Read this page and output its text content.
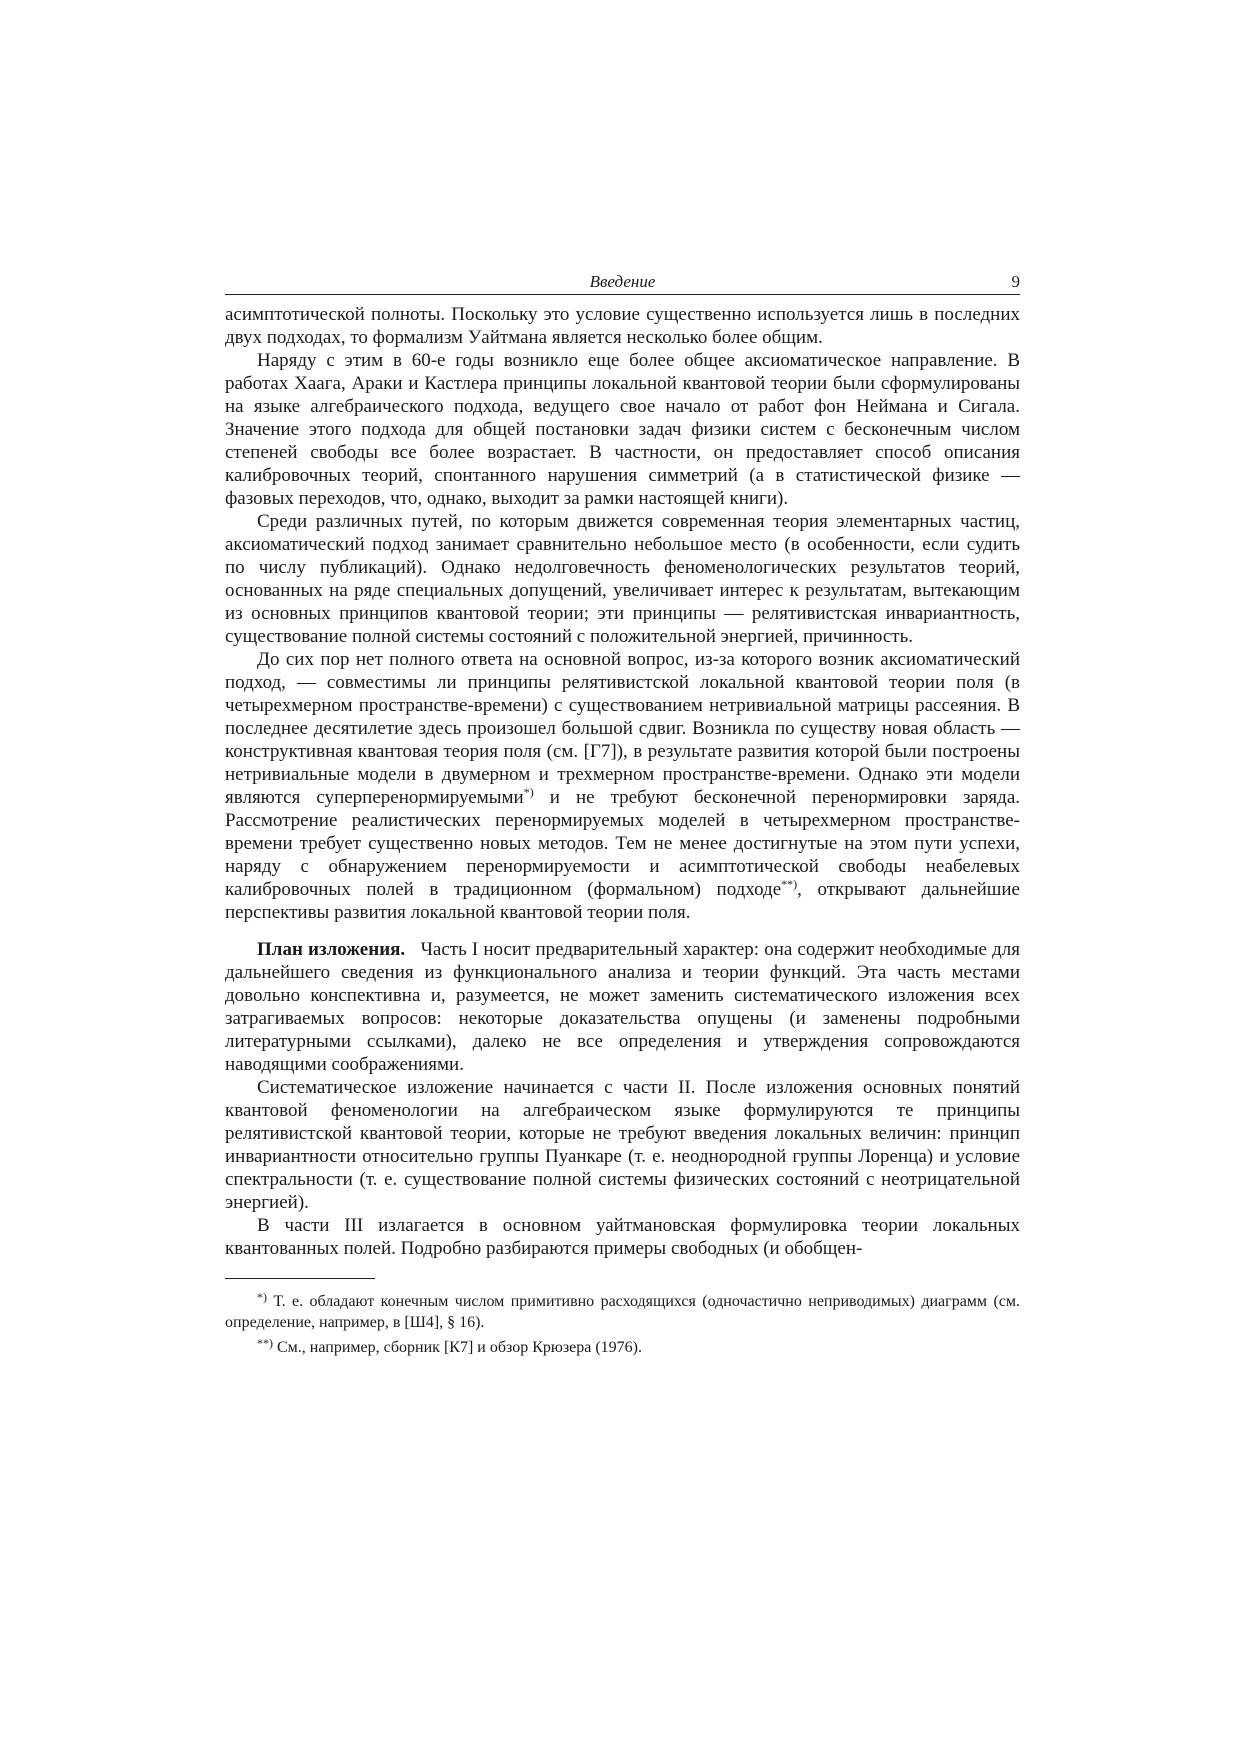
Введение	9

асимптотической полноты. Поскольку это условие существенно используется лишь в последних двух подходах, то формализм Уайтмана является несколько более общим.

Наряду с этим в 60-е годы возникло еще более общее аксиоматическое направление. В работах Хаага, Араки и Кастлера принципы локальной квантовой теории были сформулированы на языке алгебраического подхода, ведущего свое начало от работ фон Неймана и Сигала. Значение этого подхода для общей постановки задач физики систем с бесконечным числом степеней свободы все более возрастает. В частности, он предоставляет способ описания калибровочных теорий, спонтанного нарушения симметрий (а в статистической физике — фазовых переходов, что, однако, выходит за рамки настоящей книги).

Среди различных путей, по которым движется современная теория элементарных частиц, аксиоматический подход занимает сравнительно небольшое место (в особенности, если судить по числу публикаций). Однако недолговечность феноменологических результатов теорий, основанных на ряде специальных допущений, увеличивает интерес к результатам, вытекающим из основных принципов квантовой теории; эти принципы — релятивистская инвариантность, существование полной системы состояний с положительной энергией, причинность.

До сих пор нет полного ответа на основной вопрос, из-за которого возник аксиоматический подход, — совместимы ли принципы релятивистской локальной квантовой теории поля (в четырехмерном пространстве-времени) с существованием нетривиальной матрицы рассеяния. В последнее десятилетие здесь произошел большой сдвиг. Возникла по существу новая область — конструктивная квантовая теория поля (см. [Г7]), в результате развития которой были построены нетривиальные модели в двумерном и трехмерном пространстве-времени. Однако эти модели являются суперперенормируемыми*) и не требуют бесконечной перенормировки заряда. Рассмотрение реалистических перенормируемых моделей в четырехмерном пространстве-времени требует существенно новых методов. Тем не менее достигнутые на этом пути успехи, наряду с обнаружением перенормируемости и асимптотической свободы неабелевых калибровочных полей в традиционном (формальном) подходе**), открывают дальнейшие перспективы развития локальной квантовой теории поля.

План изложения. Часть I носит предварительный характер: она содержит необходимые для дальнейшего сведения из функционального анализа и теории функций. Эта часть местами довольно конспективна и, разумеется, не может заменить систематического изложения всех затрагиваемых вопросов: некоторые доказательства опущены (и заменены подробными литературными ссылками), далеко не все определения и утверждения сопровождаются наводящими соображениями.

Систематическое изложение начинается с части II. После изложения основных понятий квантовой феноменологии на алгебраическом языке формулируются те принципы релятивистской квантовой теории, которые не требуют введения локальных величин: принцип инвариантности относительно группы Пуанкаре (т. е. неоднородной группы Лоренца) и условие спектральности (т. е. существование полной системы физических состояний с неотрицательной энергией).

В части III излагается в основном уайтмановская формулировка теории локальных квантованных полей. Подробно разбираются примеры свободных (и обобщен-

*) Т. е. обладают конечным числом примитивно расходящихся (одночастично неприводимых) диаграмм (см. определение, например, в [Ш4], § 16).

**) См., например, сборник [К7] и обзор Крюзера (1976).
